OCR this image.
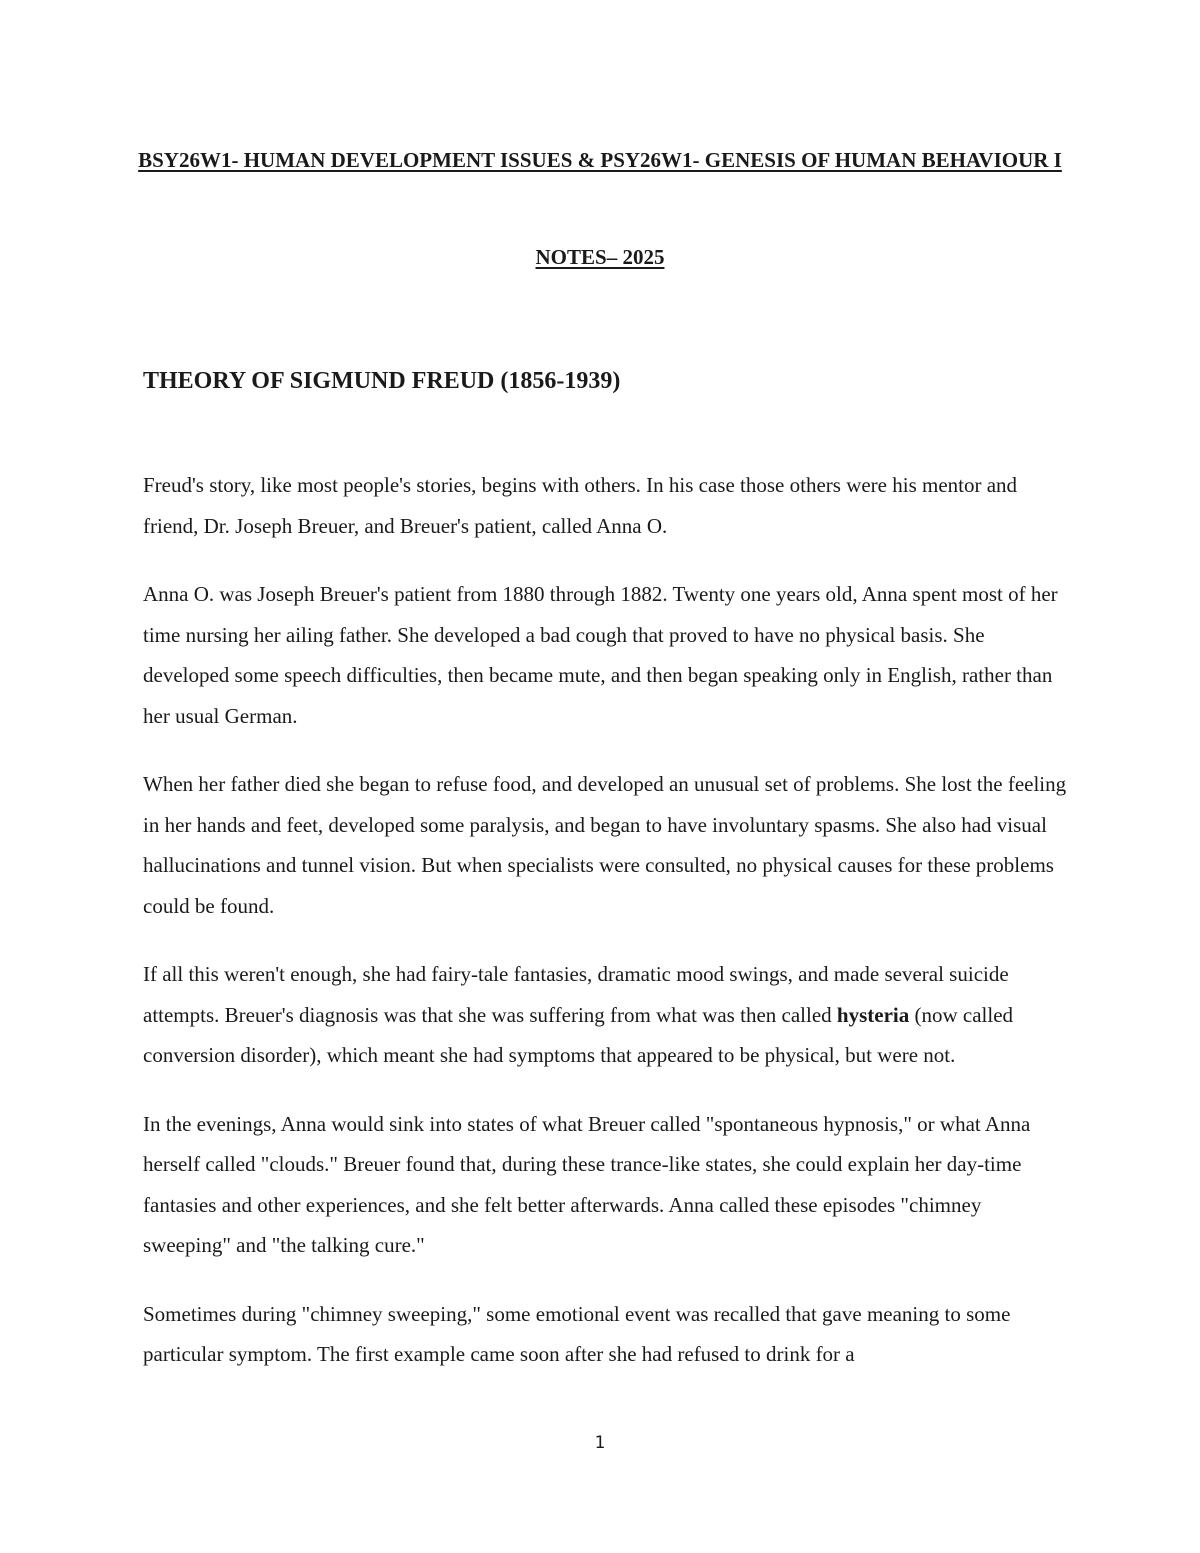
BSY26W1- HUMAN DEVELOPMENT ISSUES & PSY26W1- GENESIS OF HUMAN BEHAVIOUR I
NOTES– 2025
THEORY OF SIGMUND FREUD (1856-1939)

Freud's story, like most people's stories, begins with others. In his case those others were his mentor and friend, Dr. Joseph Breuer, and Breuer's patient, called Anna O.

Anna O. was Joseph Breuer's patient from 1880 through 1882. Twenty one years old, Anna spent most of her time nursing her ailing father. She developed a bad cough that proved to have no physical basis. She developed some speech difficulties, then became mute, and then began speaking only in English, rather than her usual German.

When her father died she began to refuse food, and developed an unusual set of problems. She lost the feeling in her hands and feet, developed some paralysis, and began to have involuntary spasms. She also had visual hallucinations and tunnel vision. But when specialists were consulted, no physical causes for these problems could be found.

If all this weren't enough, she had fairy-tale fantasies, dramatic mood swings, and made several suicide attempts. Breuer's diagnosis was that she was suffering from what was then called hysteria (now called conversion disorder), which meant she had symptoms that appeared to be physical, but were not.

In the evenings, Anna would sink into states of what Breuer called "spontaneous hypnosis," or what Anna herself called "clouds." Breuer found that, during these trance-like states, she could explain her day-time fantasies and other experiences, and she felt better afterwards. Anna called these episodes "chimney sweeping" and "the talking cure."

Sometimes during "chimney sweeping," some emotional event was recalled that gave meaning to some particular symptom. The first example came soon after she had refused to drink for a

1
